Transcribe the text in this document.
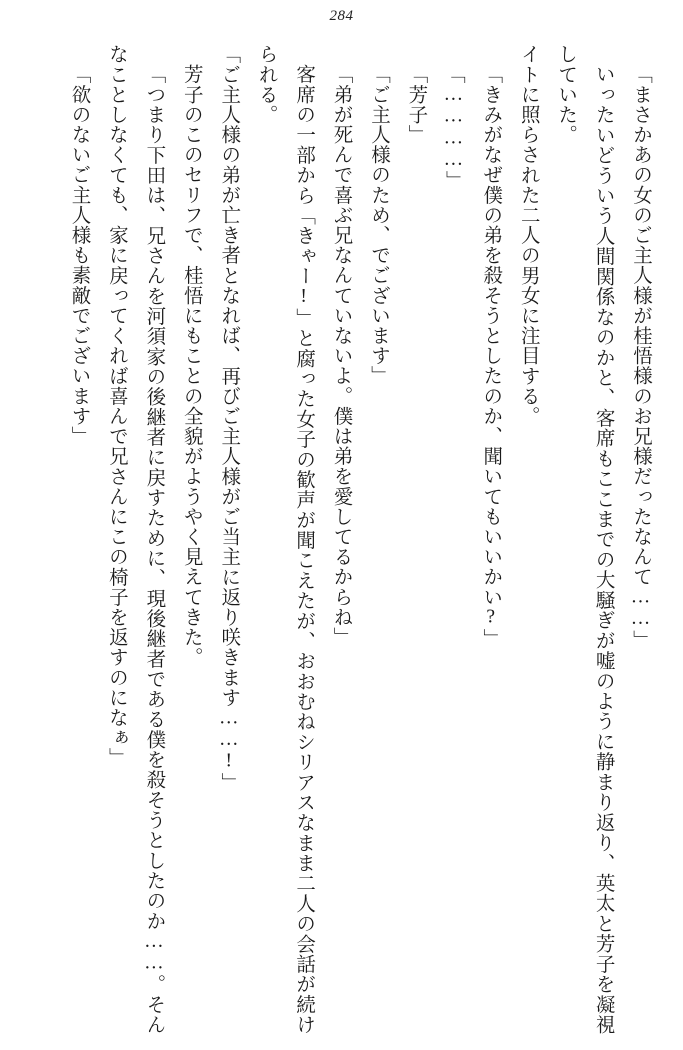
284

「まさかあの女のご主人様が桂悟様のお兄様だったなんて……」

いったいどういう人間関係なのかと、客席もここまでの大騒ぎが嘘のように静まり返り、英太と芳子を凝視していた。

イトに照らされた二人の男女に注目する。

「きみがなぜ僕の弟を殺そうとしたのか、聞いてもいいかい?」

「…………」

「芳子」

「ご主人様のため、でございます」

「弟が死んで喜ぶ兄なんていないよ。僕は弟を愛してるからね」

客席の一部から「きゃー!」と腐った女子の歓声が聞こえたが、おおむねシリアスなまま二人の会話が続けられる。

「ご主人様の弟が亡き者となれば、再びご主人様がご当主に返り咲きます……!」

芳子のこのセリフで、桂悟にもことの全貌がようやく見えてきた。

「つまり下田は、兄さんを河須家の後継者に戻すために、現後継者である僕を殺そうとしたのか……。そんなことしなくても、家に戻ってくれば喜んで兄さんにこの椅子を返すのになぁ」

「欲のないご主人様も素敵でございます」
